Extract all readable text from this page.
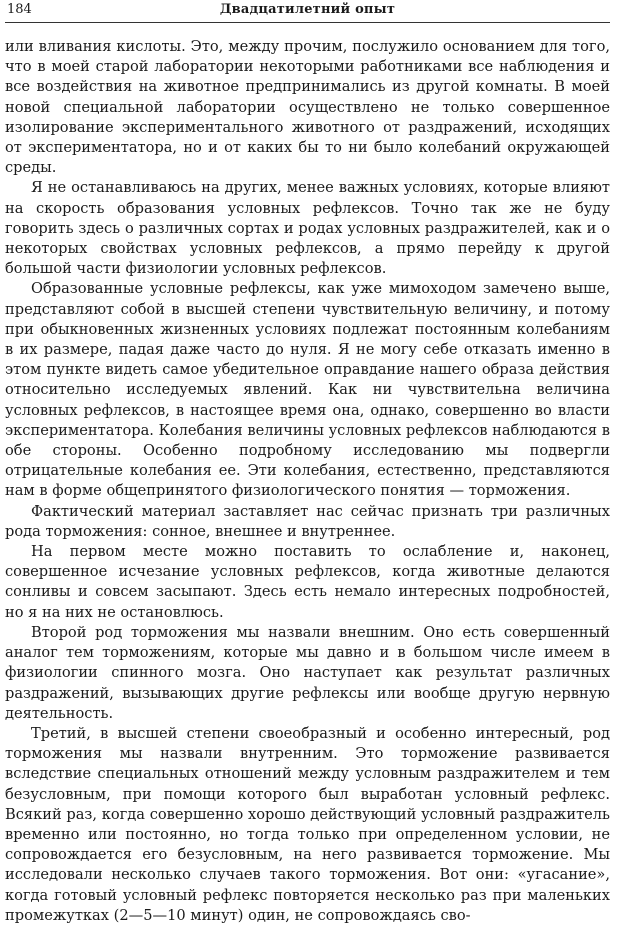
184	Двадцатилетний опыт

или вливания кислоты. Это, между прочим, послужило основанием для того, что в моей старой лаборатории некоторыми работниками все наблюдения и все воздействия на животное предпринимались из другой комнаты. В моей новой специальной лаборатории осуществлено не только совершенное изолирование экспериментального животного от раздражений, исходящих от экспериментатора, но и от каких бы то ни было колебаний окружающей среды.

Я не останавливаюсь на других, менее важных условиях, которые влияют на скорость образования условных рефлексов. Точно так же не буду говорить здесь о различных сортах и родах условных раздражителей, как и о некоторых свойствах условных рефлексов, а прямо перейду к другой большой части физиологии условных рефлексов.

Образованные условные рефлексы, как уже мимоходом замечено выше, представляют собой в высшей степени чувствительную величину, и потому при обыкновенных жизненных условиях подлежат постоянным колебаниям в их размере, падая даже часто до нуля. Я не могу себе отказать именно в этом пункте видеть самое убедительное оправдание нашего образа действия относительно исследуемых явлений. Как ни чувствительна величина условных рефлексов, в настоящее время она, однако, совершенно во власти экспериментатора. Колебания величины условных рефлексов наблюдаются в обе стороны. Особенно подробному исследованию мы подвергли отрицательные колебания ее. Эти колебания, естественно, представляются нам в форме общепринятого физиологического понятия — торможения.

Фактический материал заставляет нас сейчас признать три различных рода торможения: сонное, внешнее и внутреннее.

На первом месте можно поставить то ослабление и, наконец, совершенное исчезание условных рефлексов, когда животные делаются сонливы и совсем засыпают. Здесь есть немало интересных подробностей, но я на них не остановлюсь.

Второй род торможения мы назвали внешним. Оно есть совершенный аналог тем торможениям, которые мы давно и в большом числе имеем в физиологии спинного мозга. Оно наступает как результат различных раздражений, вызывающих другие рефлексы или вообще другую нервную деятельность.

Третий, в высшей степени своеобразный и особенно интересный, род торможения мы назвали внутренним. Это торможение развивается вследствие специальных отношений между условным раздражителем и тем безусловным, при помощи которого был выработан условный рефлекс. Всякий раз, когда совершенно хорошо действующий условный раздражитель временно или постоянно, но тогда только при определенном условии, не сопровождается его безусловным, на него развивается торможение. Мы исследовали несколько случаев такого торможения. Вот они: «угасание», когда готовый условный рефлекс повторяется несколько раз при маленьких промежутках (2—5—10 минут) один, не сопровождаясь сво-
